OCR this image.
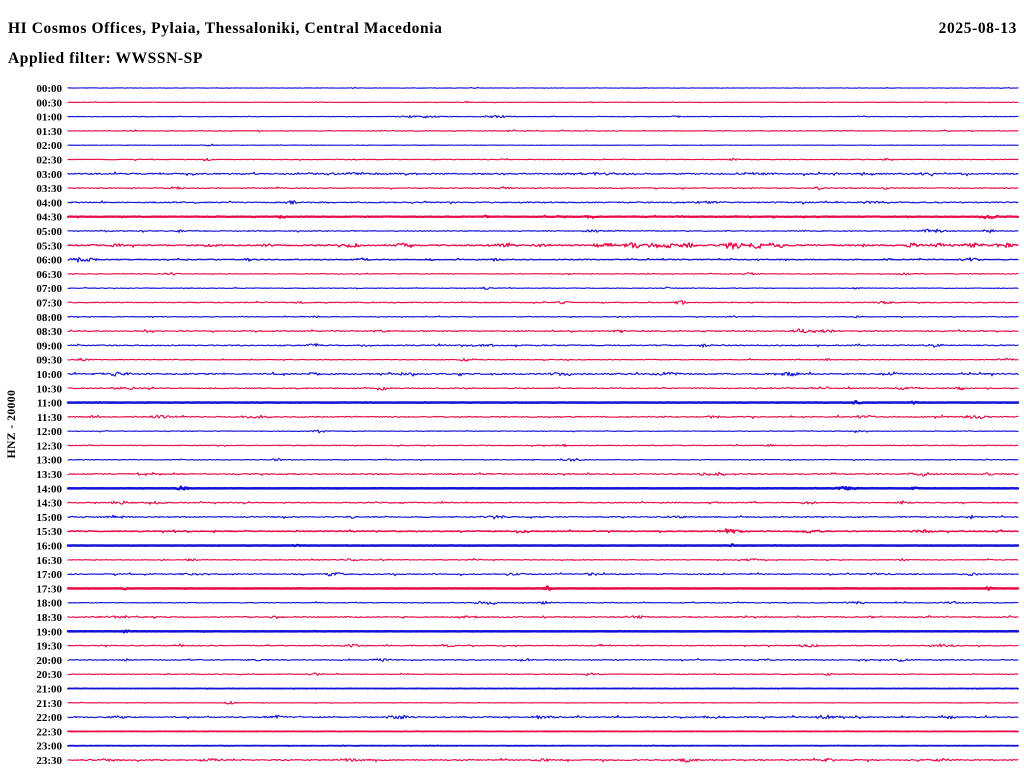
HI Cosmos Offices, Pylaia, Thessaloniki, Central Macedonia	2025-08-13
Applied filter: WWSSN-SP
HNZ - 20000
00:00
00:30
01:00
01:30
02:00
02:30
03:00
03:30
04:00
04:30
05:00
05:30
06:00
06:30
07:00
07:30
08:00
08:30
09:00
09:30
10:00
10:30
11:00
11:30
12:00
12:30
13:00
13:30
14:00
14:30
15:00
15:30
16:00
16:30
17:00
17:30
18:00
18:30
19:00
19:30
20:00
20:30
21:00
21:30
22:00
22:30
23:00
23:30
